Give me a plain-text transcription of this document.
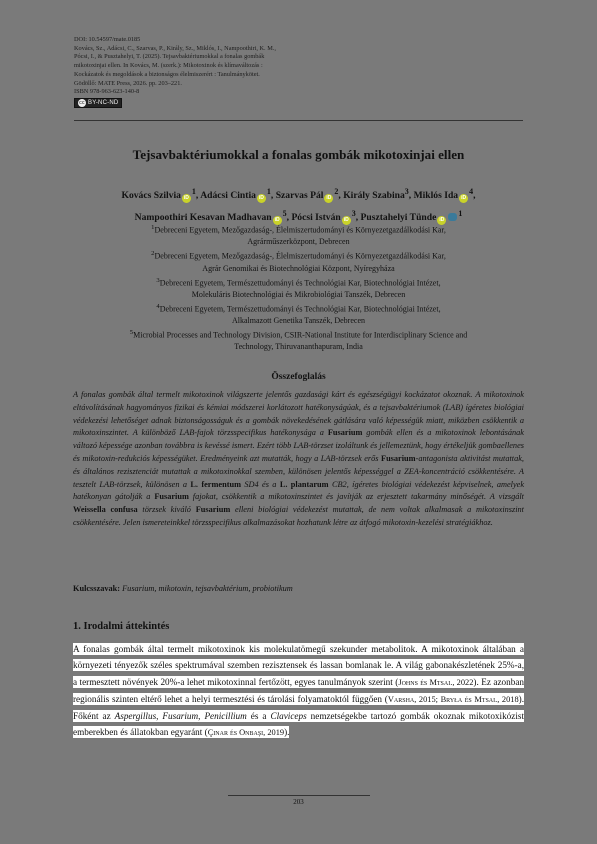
DOI: 10.54597/mate.0185
Kovács, Sz., Adácsi, C., Szarvas, P., Király, Sz., Miklós, I., Nampoothiri, K. M.,
Pócsi, I., & Pusztahelyi, T. (2025). Tejsavbaktériumokkal a fonalas gombák
mikotoxinjai ellen. In Kovács, M. (szerk.): Mikotoxinok és klímaváltozás :
Kockázatok és megoldások a biztonságos élelmiszerért : Tanulmánykötet.
Gödöllő: MATE Press, 2026. pp. 203–221.
ISBN 978-963-623-140-8
cc BY-NC-ND
Tejsavbaktériumokkal a fonalas gombák mikotoxinjai ellen
Kovács Szilvia $iD^1$, Adácsi Cintia $iD^1$, Szarvas Pál $iD^2$, Király Szabina$^3$, Miklós Ida $iD^4$,
Nampoothiri Kesavan Madhavan $iD^5$, Pócsi István $iD^3$, Pusztahelyi Tünde $iD^1$
$^1$Debreceni Egyetem, Mezőgazdaság-, Élelmiszertudományi és Környezetgazdálkodási Kar,
Agrárműszerközpont, Debrecen
$^2$Debreceni Egyetem, Mezőgazdaság-, Élelmiszertudományi és Környezetgazdálkodási Kar,
Agrár Genomikai és Biotechnológiai Központ, Nyíregyháza
$^3$Debreceni Egyetem, Természettudományi és Technológiai Kar, Biotechnológiai Intézet,
Molekuláris Biotechnológiai és Mikrobiológiai Tanszék, Debrecen
$^4$Debreceni Egyetem, Természettudományi és Technológiai Kar, Biotechnológiai Intézet,
Alkalmazott Genetika Tanszék, Debrecen
$^5$Microbial Processes and Technology Division, CSIR-National Institute for Interdisciplinary Science and
Technology, Thiruvananthapuram, India
Összefoglalás
A fonalas gombák által termelt mikotoxinok világszerte jelentős gazdasági kárt és egészségügyi kockázatot okoznak. A mikotoxinok eltávolításának hagyományos fizikai és kémiai módszerei korlátozott hatékonyságúak, és a tejsavbaktériumok (LAB) ígéretes biológiai védekezési lehetőséget adnak biztonságosságuk és a gombák növekedésének gátlására való képességük miatt, miközben csökkentik a mikotoxinszintet. A különböző LAB-fajok törzsspecifikus hatékonysága a Fusarium gombák ellen és a mikotoxinok lebontásának változó képessége azonban továbbra is kevéssé ismert. Ezért több LAB-törzset izoláltunk és jellemeztünk, hogy értékeljük gombaellenes és mikotoxin-redukciós képességüket. Eredményeink azt mutatták, hogy a LAB-törzsek erős Fusarium-antagonista aktivitást mutattak, és általános rezisztenciát mutattak a mikotoxinokkal szemben, különösen jelentős képességgel a ZEA-koncentráció csökkentésére. A tesztelt LAB-törzsek, különösen a L. fermentum SD4 és a L. plantarum CB2, ígéretes biológiai védekezést képviselnek, amelyek hatékonyan gátolják a Fusarium fajokat, csökkentik a mikotoxinszintet és javítják az erjesztett takarmány minőségét. A vizsgált Weissella confusa törzsek kiváló Fusarium elleni biológiai védekezést mutattak, de nem voltak alkalmasak a mikotoxinszint csökkentésére. Jelen ismereteinkkel törzsspecifikus alkalmazásokat hozhatunk létre az átfogó mikotoxin-kezelési stratégiákhoz.
Kulcsszavak: Fusarium, mikotoxin, tejsavbaktérium, probiotikum
1. Irodalmi áttekintés
A fonalas gombák által termelt mikotoxinok kis molekulatömegű szekunder metabolitok. A mikotoxinok általában a környezeti tényezők széles spektrumával szemben rezisztensek és lassan bomlanak le. A világ gabonakészletének 25%-a, a termesztett növények 20%-a lehet mikotoxinnal fertőzött, egyes tanulmányok szerint (Johns és Mtsai., 2022). Ez azonban regionális szinten eltérő lehet a helyi termesztési és tárolási folyamatoktól függően (Varsha, 2015; Bryła és Mtsai., 2018). Főként az Aspergillus, Fusarium, Penicillium és a Claviceps nemzetségekbe tartozó gombák okoznak mikotoxikózist emberekben és állatokban egyaránt (Çinar és Onbaşi, 2019).
203
